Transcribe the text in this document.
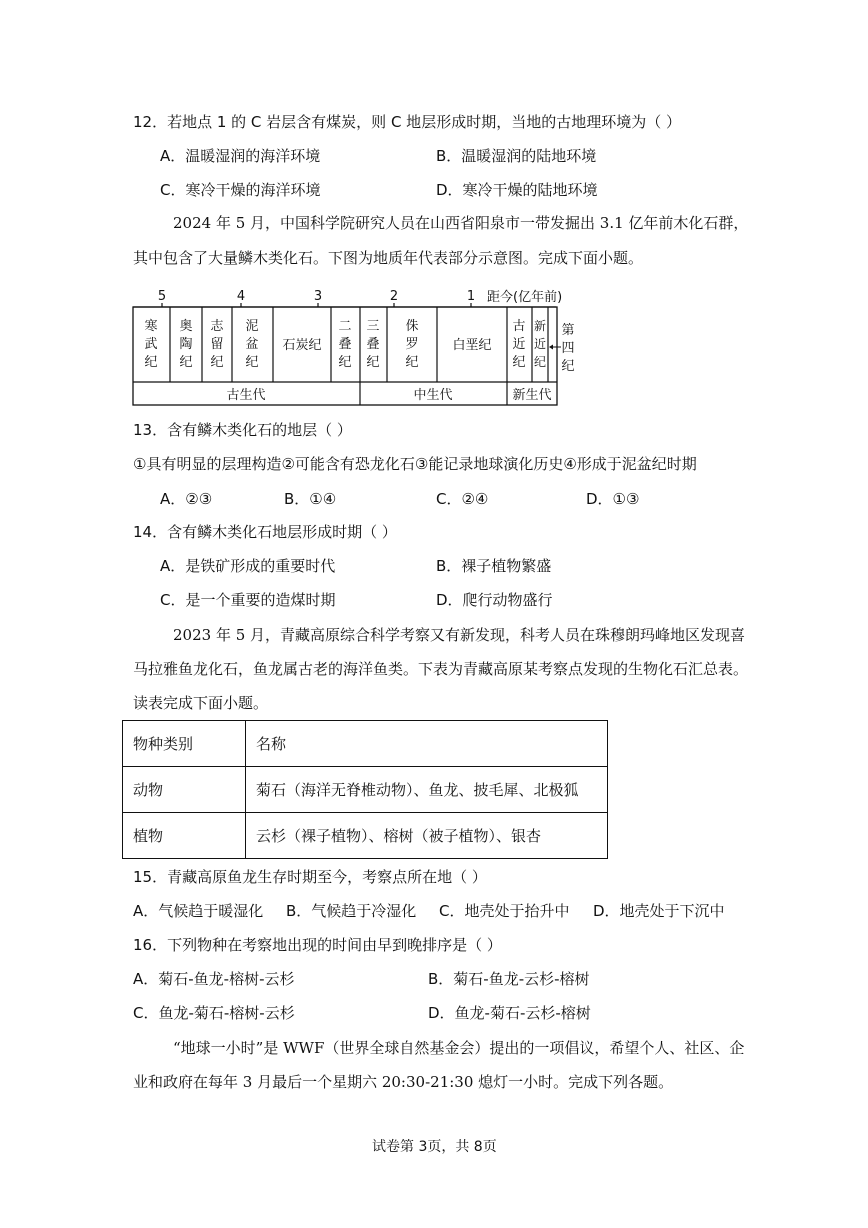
12．若地点 1 的 C 岩层含有煤炭，则 C 地层形成时期，当地的古地理环境为（ ）
A．温暖湿润的海洋环境	B．温暖湿润的陆地环境
C．寒冷干燥的海洋环境	D．寒冷干燥的陆地环境
2024 年 5 月，中国科学院研究人员在山西省阳泉市一带发掘出 3.1 亿年前木化石群，
其中包含了大量鳞木类化石。下图为地质年代表部分示意图。完成下面小题。
5	4	3	2	1 距今(亿年前)
寒武纪
奥陶纪
志留纪
泥盆纪
石炭纪
二叠纪
三叠纪
侏罗纪
白垩纪
古近纪
新近纪
第四纪
古生代	中生代	新生代
13．含有鳞木类化石的地层（ ）
①具有明显的层理构造②可能含有恐龙化石③能记录地球演化历史④形成于泥盆纪时期
A．②③	B．①④	C．②④	D．①③
14．含有鳞木类化石地层形成时期（ ）
A．是铁矿形成的重要时代	B．裸子植物繁盛
C．是一个重要的造煤时期	D．爬行动物盛行
2023 年 5 月，青藏高原综合科学考察又有新发现，科考人员在珠穆朗玛峰地区发现喜
马拉雅鱼龙化石，鱼龙属古老的海洋鱼类。下表为青藏高原某考察点发现的生物化石汇总表。
读表完成下面小题。
物种类别	名称
动物	菊石（海洋无脊椎动物）、鱼龙、披毛犀、北极狐
植物	云杉（裸子植物）、榕树（被子植物）、银杏
15．青藏高原鱼龙生存时期至今，考察点所在地（ ）
A．气候趋于暖湿化 B．气候趋于冷湿化 C．地壳处于抬升中 D．地壳处于下沉中
16．下列物种在考察地出现的时间由早到晚排序是（ ）
A．菊石-鱼龙-榕树-云杉	B．菊石-鱼龙-云杉-榕树
C．鱼龙-菊石-榕树-云杉	D．鱼龙-菊石-云杉-榕树
“地球一小时”是 WWF（世界全球自然基金会）提出的一项倡议，希望个人、社区、企
业和政府在每年 3 月最后一个星期六 20:30-21:30 熄灯一小时。完成下列各题。
试卷第 3页，共 8页
